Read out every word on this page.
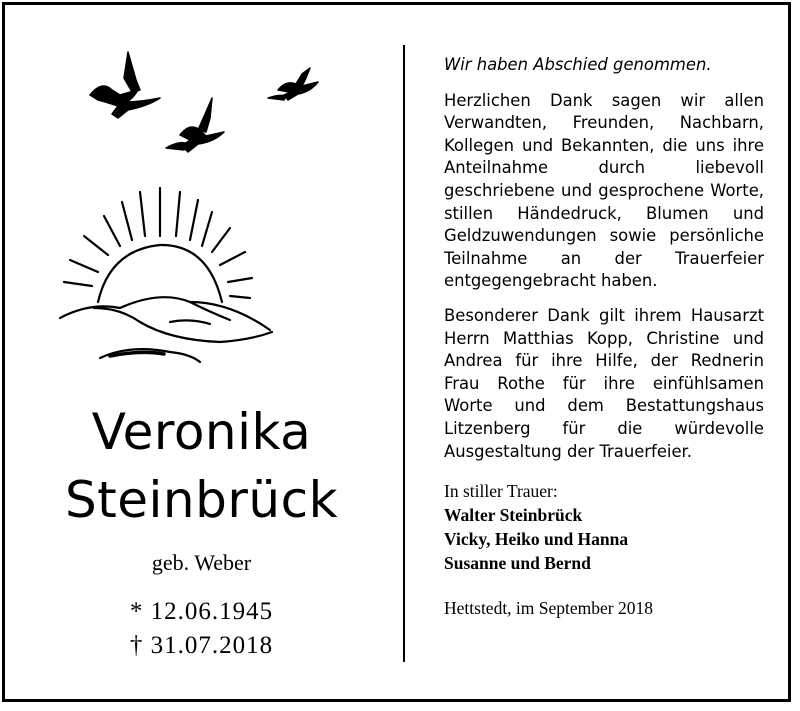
Veronika
Steinbrück
geb. Weber
* 12.06.1945
† 31.07.2018
Wir haben Abschied genommen.
Herzlichen Dank sagen wir allen Verwandten, Freunden, Nachbarn, Kollegen und Bekannten, die uns ihre Anteilnahme durch liebevoll geschriebene und gesprochene Worte, stillen Händedruck, Blumen und Geldzuwendungen sowie persönliche Teilnahme an der Trauerfeier entgegengebracht haben.
Besonderer Dank gilt ihrem Hausarzt Herrn Matthias Kopp, Christine und Andrea für ihre Hilfe, der Rednerin Frau Rothe für ihre einfühlsamen Worte und dem Bestattungshaus Litzenberg für die würdevolle Ausgestaltung der Trauerfeier.
In stiller Trauer:
Walter Steinbrück
Vicky, Heiko und Hanna
Susanne und Bernd
Hettstedt, im September 2018
